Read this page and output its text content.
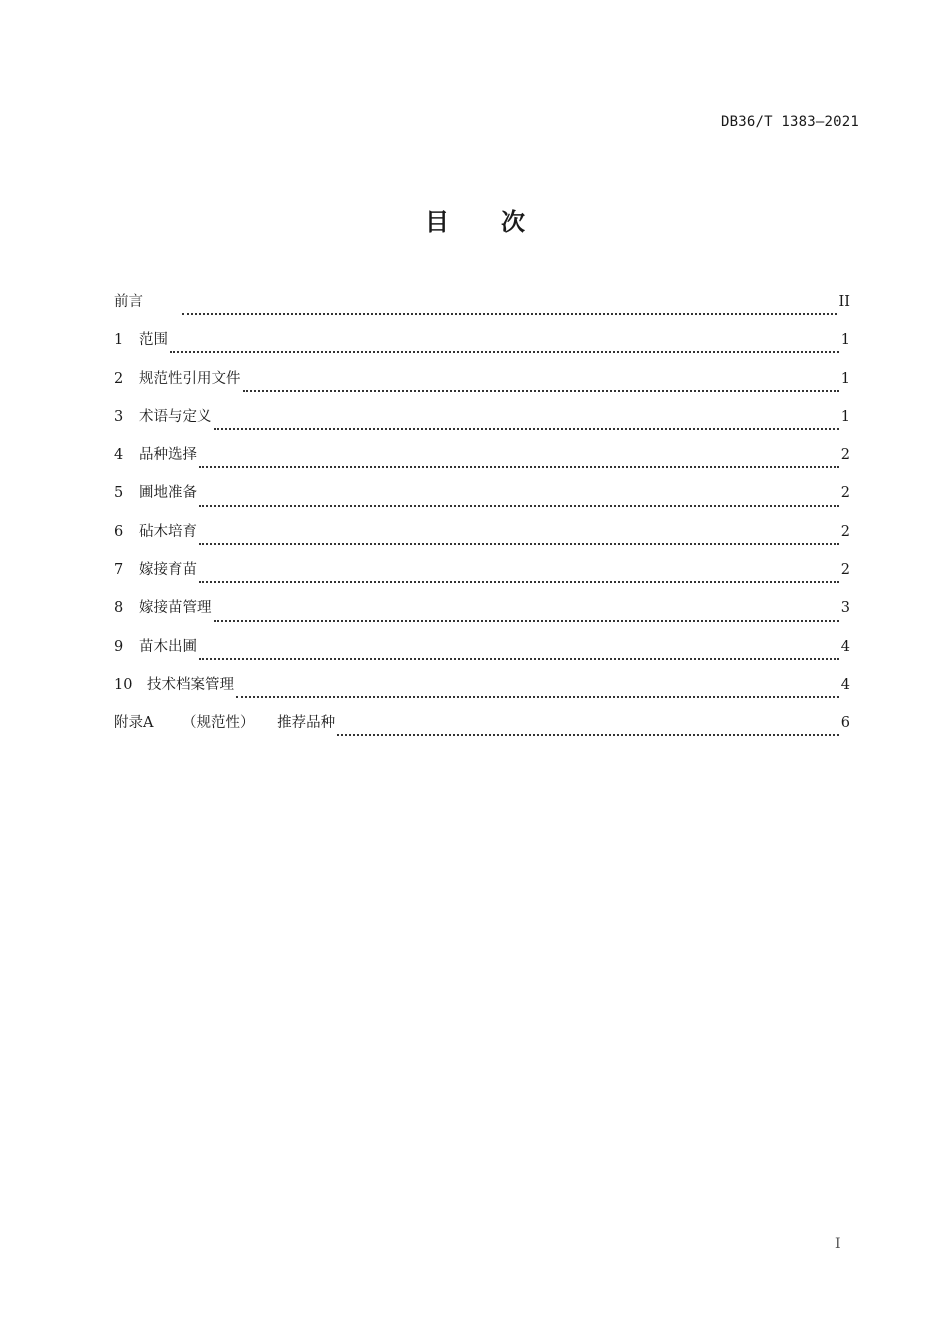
DB36/T 1383—2021
目 次
前言	II
1	范围	1
2	规范性引用文件	1
3	术语与定义	1
4	品种选择	2
5	圃地准备	2
6	砧木培育	2
7	嫁接育苗	2
8	嫁接苗管理	3
9	苗木出圃	4
10	技术档案管理	4
附录A	（规范性） 推荐品种	6
I
